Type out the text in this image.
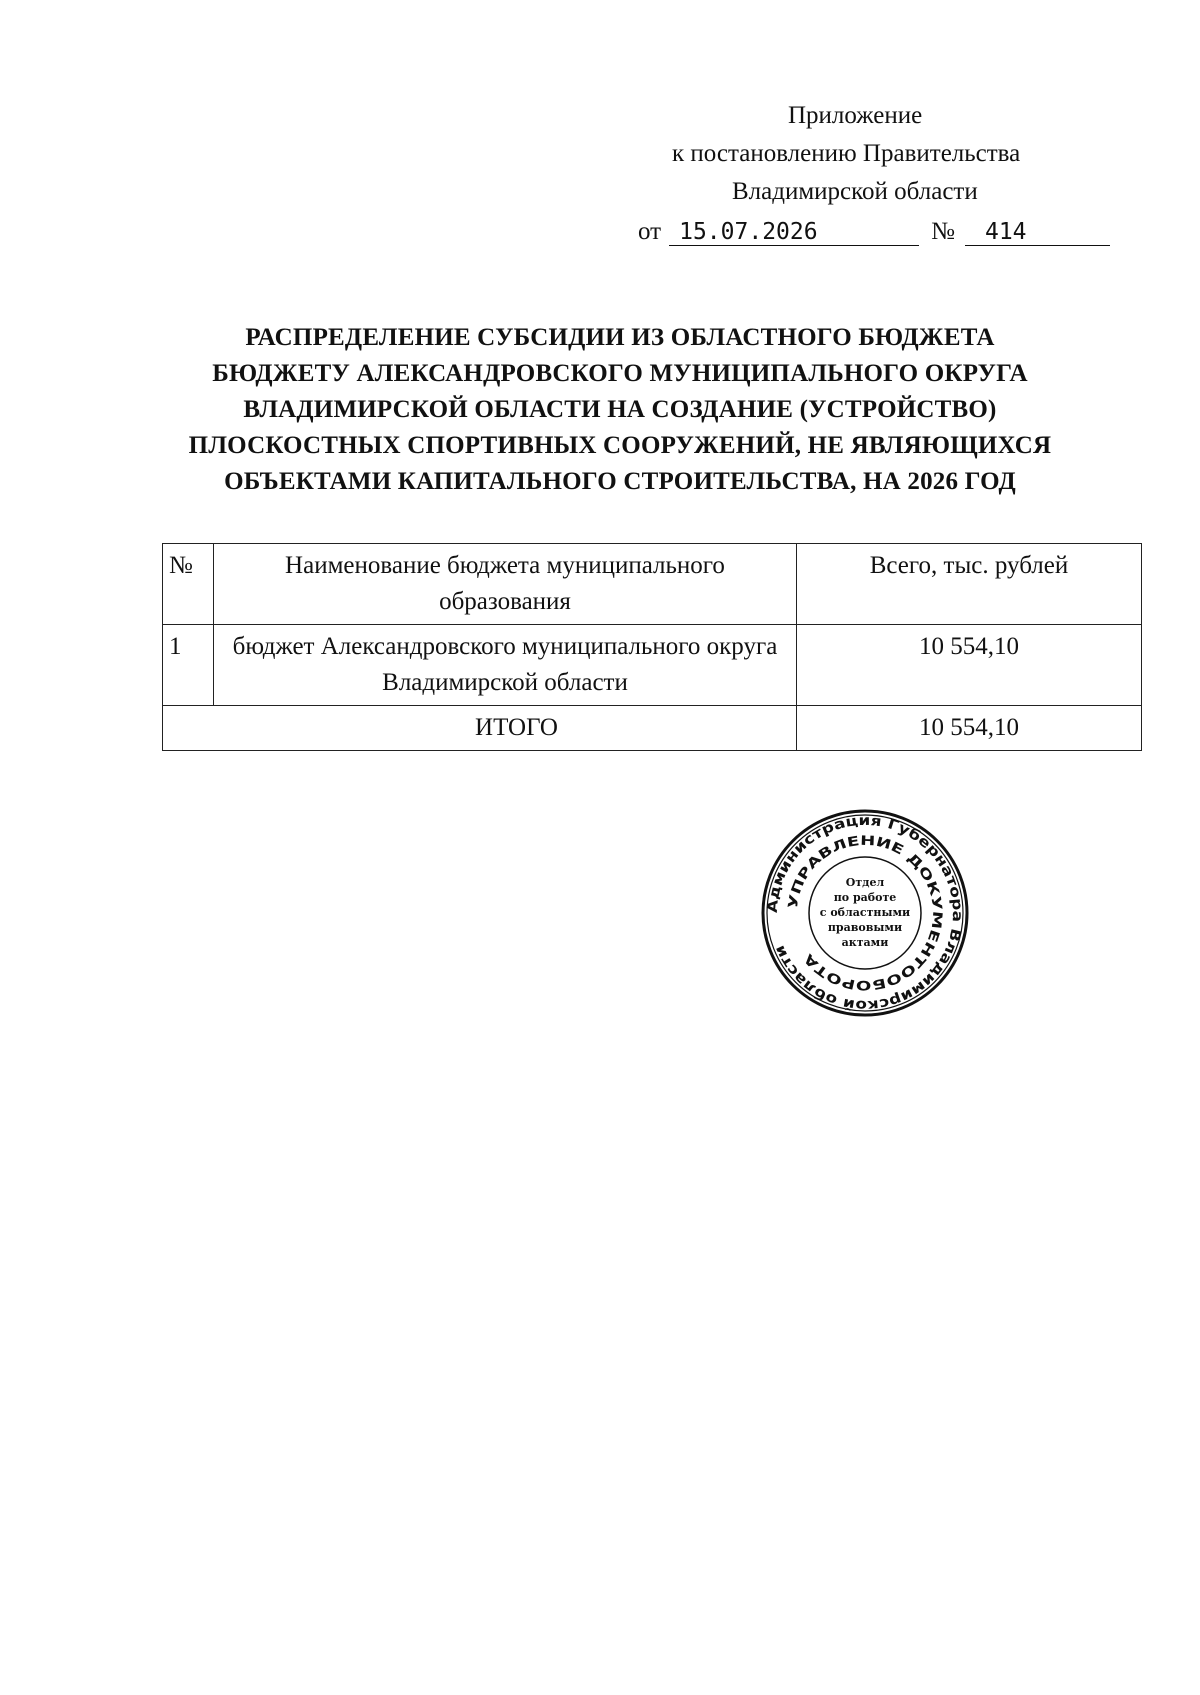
Приложение
к постановлению Правительства
Владимирской области
от 15.07.2026	№ 414
РАСПРЕДЕЛЕНИЕ СУБСИДИИ ИЗ ОБЛАСТНОГО БЮДЖЕТА
БЮДЖЕТУ АЛЕКСАНДРОВСКОГО МУНИЦИПАЛЬНОГО ОКРУГА
ВЛАДИМИРСКОЙ ОБЛАСТИ НА СОЗДАНИЕ (УСТРОЙСТВО)
ПЛОСКОСТНЫХ СПОРТИВНЫХ СООРУЖЕНИЙ, НЕ ЯВЛЯЮЩИХСЯ
ОБЪЕКТАМИ КАПИТАЛЬНОГО СТРОИТЕЛЬСТВА, НА 2026 ГОД
№	Наименование бюджета муниципального образования	Всего, тыс. рублей
1	бюджет Александровского муниципального округа Владимирской области	10 554,10
ИТОГО		10 554,10
Администрация Губернатора Владимирской области
УПРАВЛЕНИЕ ДОКУМЕНТООБОРОТА
Отдел
по работе
с областными
правовыми
актами
